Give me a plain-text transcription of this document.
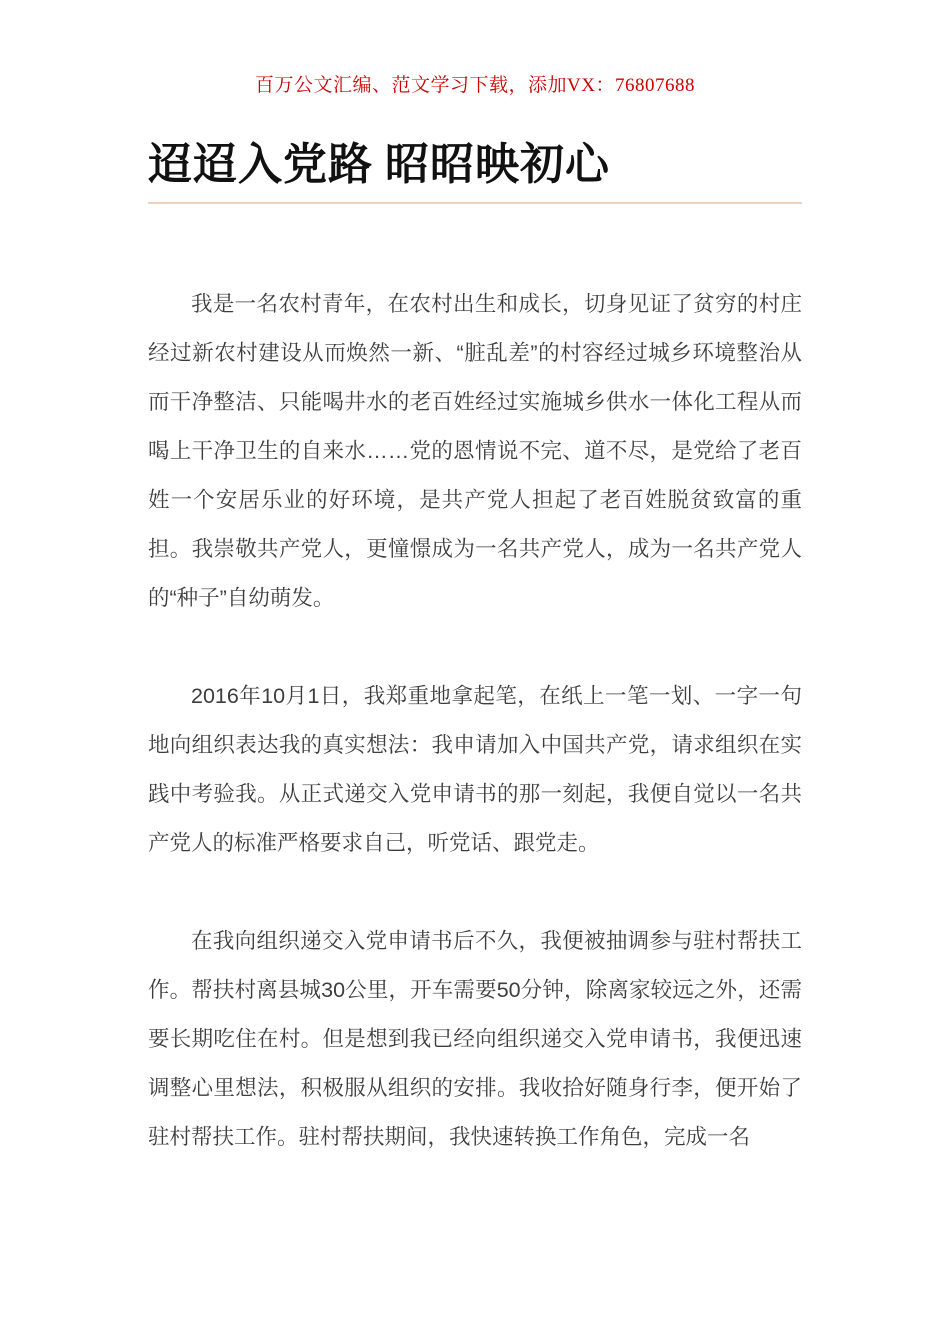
百万公文汇编、范文学习下载，添加VX：76807688
迢迢入党路 昭昭映初心

我是一名农村青年，在农村出生和成长，切身见证了贫穷的村庄经过新农村建设从而焕然一新、“脏乱差”的村容经过城乡环境整治从而干净整洁、只能喝井水的老百姓经过实施城乡供水一体化工程从而喝上干净卫生的自来水……党的恩情说不完、道不尽，是党给了老百姓一个安居乐业的好环境，是共产党人担起了老百姓脱贫致富的重担。我崇敬共产党人，更憧憬成为一名共产党人，成为一名共产党人的“种子”自幼萌发。

2016年10月1日，我郑重地拿起笔，在纸上一笔一划、一字一句地向组织表达我的真实想法：我申请加入中国共产党，请求组织在实践中考验我。从正式递交入党申请书的那一刻起，我便自觉以一名共产党人的标准严格要求自己，听党话、跟党走。

在我向组织递交入党申请书后不久，我便被抽调参与驻村帮扶工作。帮扶村离县城30公里，开车需要50分钟，除离家较远之外，还需要长期吃住在村。但是想到我已经向组织递交入党申请书，我便迅速调整心里想法，积极服从组织的安排。我收拾好随身行李，便开始了驻村帮扶工作。驻村帮扶期间，我快速转换工作角色，完成一名
